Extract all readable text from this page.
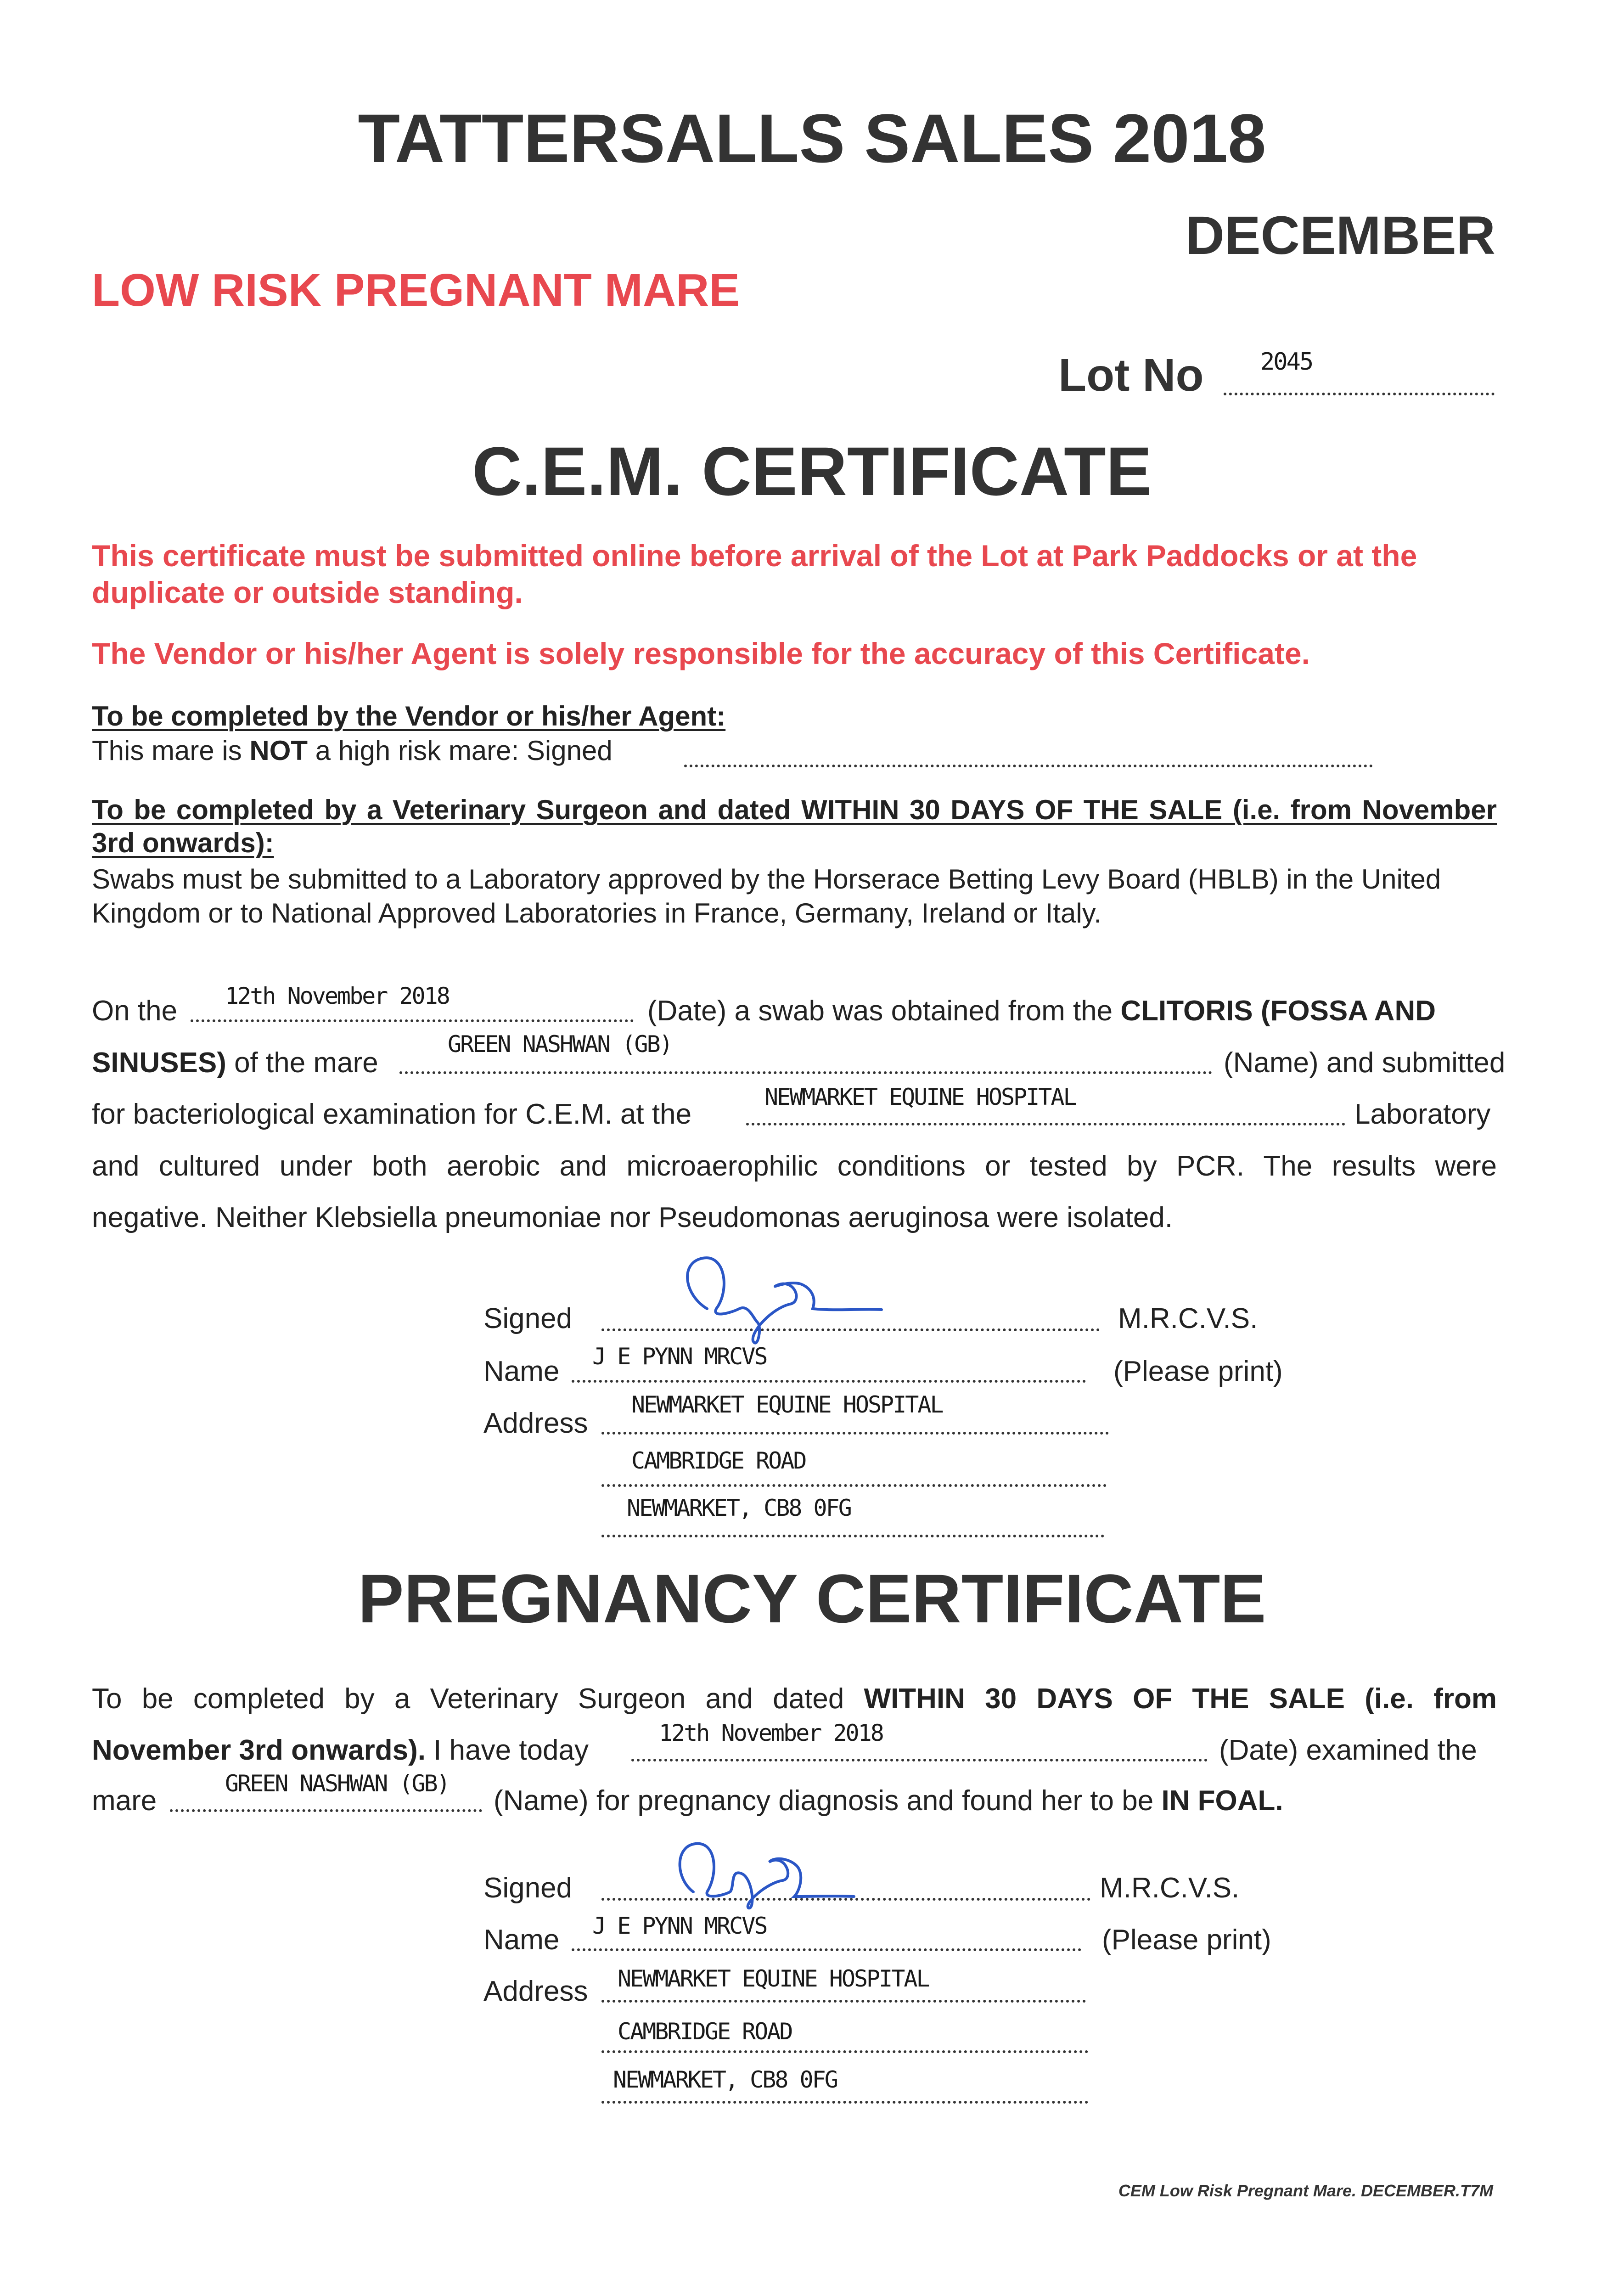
TATTERSALLS SALES 2018
DECEMBER
LOW RISK PREGNANT MARE
Lot No 2045
C.E.M. CERTIFICATE
This certificate must be submitted online before arrival of the Lot at Park Paddocks or at the duplicate or outside standing.
The Vendor or his/her Agent is solely responsible for the accuracy of this Certificate.
To be completed by the Vendor or his/her Agent:
This mare is NOT a high risk mare: Signed
To be completed by a Veterinary Surgeon and dated WITHIN 30 DAYS OF THE SALE (i.e. from November 3rd onwards):
Swabs must be submitted to a Laboratory approved by the Horserace Betting Levy Board (HBLB) in the United Kingdom or to National Approved Laboratories in France, Germany, Ireland or Italy.
On the 12th November 2018	(Date) a swab was obtained from the CLITORIS (FOSSA AND
SINUSES) of the mare
GREEN NASHWAN (GB)
(Name) and submitted
for bacteriological examination for C.E.M. at the
NEWMARKET EQUINE HOSPITAL
Laboratory
and cultured under both aerobic and microaerophilic conditions or tested by PCR. The results were
negative. Neither Klebsiella pneumoniae nor Pseudomonas aeruginosa were isolated.
Signed	M.R.C.V.S.
Name J E PYNN MRCVS	(Please print)
Address
NEWMARKET EQUINE HOSPITAL
CAMBRIDGE ROAD
NEWMARKET, CB8 0FG
PREGNANCY CERTIFICATE
To be completed by a Veterinary Surgeon and dated WITHIN 30 DAYS OF THE SALE (i.e. from
November 3rd onwards). I have today
12th November 2018
(Date) examined the
mare
GREEN NASHWAN (GB)
(Name) for pregnancy diagnosis and found her to be IN FOAL.
Signed	M.R.C.V.S.
Name J E PYNN MRCVS	(Please print)
Address NEWMARKET EQUINE HOSPITAL
CAMBRIDGE ROAD
NEWMARKET, CB8 0FG
CEM Low Risk Pregnant Mare. DECEMBER.T7M
